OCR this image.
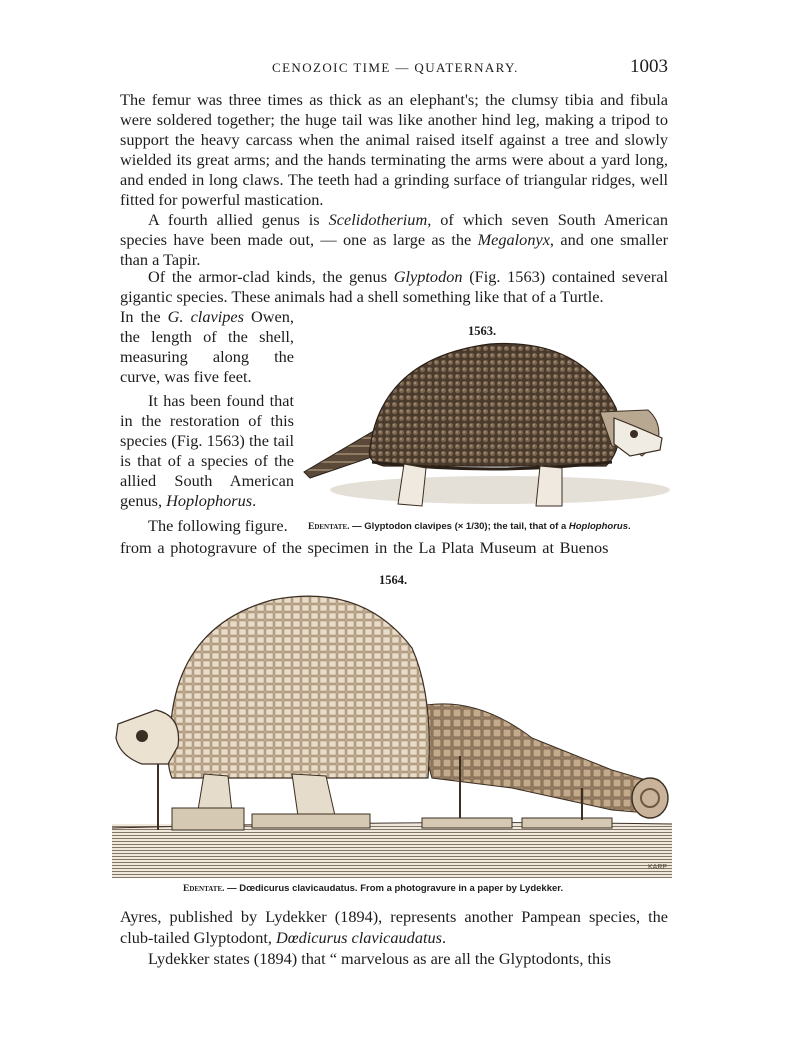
CENOZOIC TIME — QUATERNARY.	1003

The femur was three times as thick as an elephant's; the clumsy tibia and fibula were soldered together; the huge tail was like another hind leg, making a tripod to support the heavy carcass when the animal raised itself against a tree and slowly wielded its great arms; and the hands terminating the arms were about a yard long, and ended in long claws. The teeth had a grinding surface of triangular ridges, well fitted for powerful mastication.

A fourth allied genus is Scelidotherium, of which seven South American species have been made out, — one as large as the Megalonyx, and one smaller than a Tapir.

Of the armor-clad kinds, the genus Glyptodon (Fig. 1563) contained several gigantic species. These animals had a shell something like that of a Turtle.

In the G. clavipes Owen, the length of the shell, measuring along the curve, was five feet.

It has been found that in the restoration of this species (Fig. 1563) the tail is that of a species of the allied South American genus, Hoplophorus.

1563.
Edentate. — Glyptodon clavipes (× 1/30); the tail, that of a Hoplophorus.
The following figure.
from a photogravure of the specimen in the La Plata Museum at Buenos
1564.
KARP
Edentate. — Dœdicurus clavicaudatus. From a photogravure in a paper by Lydekker.

Ayres, published by Lydekker (1894), represents another Pampean species, the club-tailed Glyptodont, Dœdicurus clavicaudatus.

Lydekker states (1894) that “ marvelous as are all the Glyptodonts, this
